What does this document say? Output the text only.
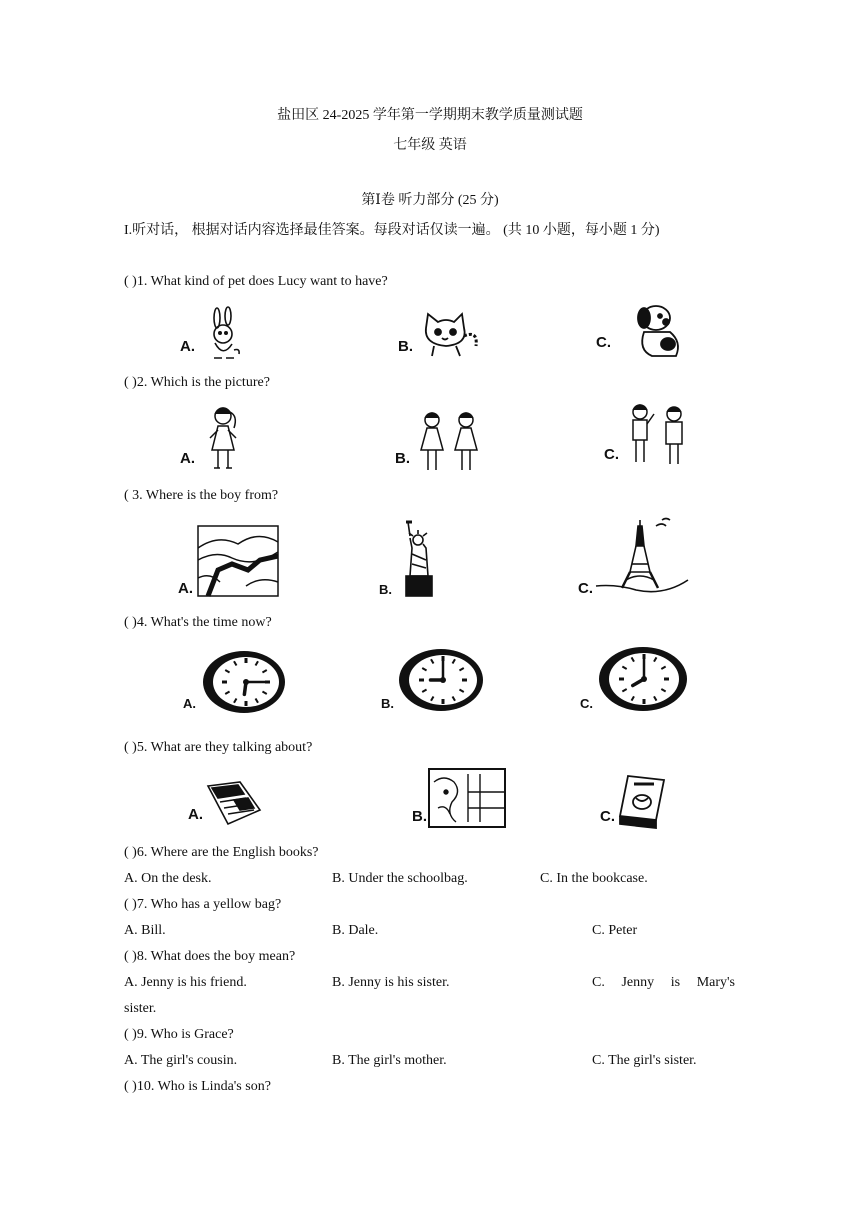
盐田区 24-2025 学年第一学期期末教学质量测试题
七年级 英语
第Ⅰ卷 听力部分 (25 分)
I.听对话， 根据对话内容选择最佳答案。每段对话仅读一遍。 (共 10 小题，每小题 1 分)
( )1. What kind of pet does Lucy want to have?
A.	B.	C.
( )2. Which is the picture?
A.	B.	C.
( 3. Where is the boy from?
A.	B.	C.
( )4. What's the time now?
A.	B.	C.
( )5. What are they talking about?
A.	B.	C.
( )6. Where are the English books?
A. On the desk.	B. Under the schoolbag.	C. In the bookcase.
( )7. Who has a yellow bag?
A. Bill.	B. Dale.	C. Peter
( )8. What does the boy mean?
A. Jenny is his friend.	B. Jenny is his sister.	C. Jenny is Mary's
sister.
( )9. Who is Grace?
A. The girl's cousin.	B. The girl's mother.	C. The girl's sister.
( )10. Who is Linda's son?
